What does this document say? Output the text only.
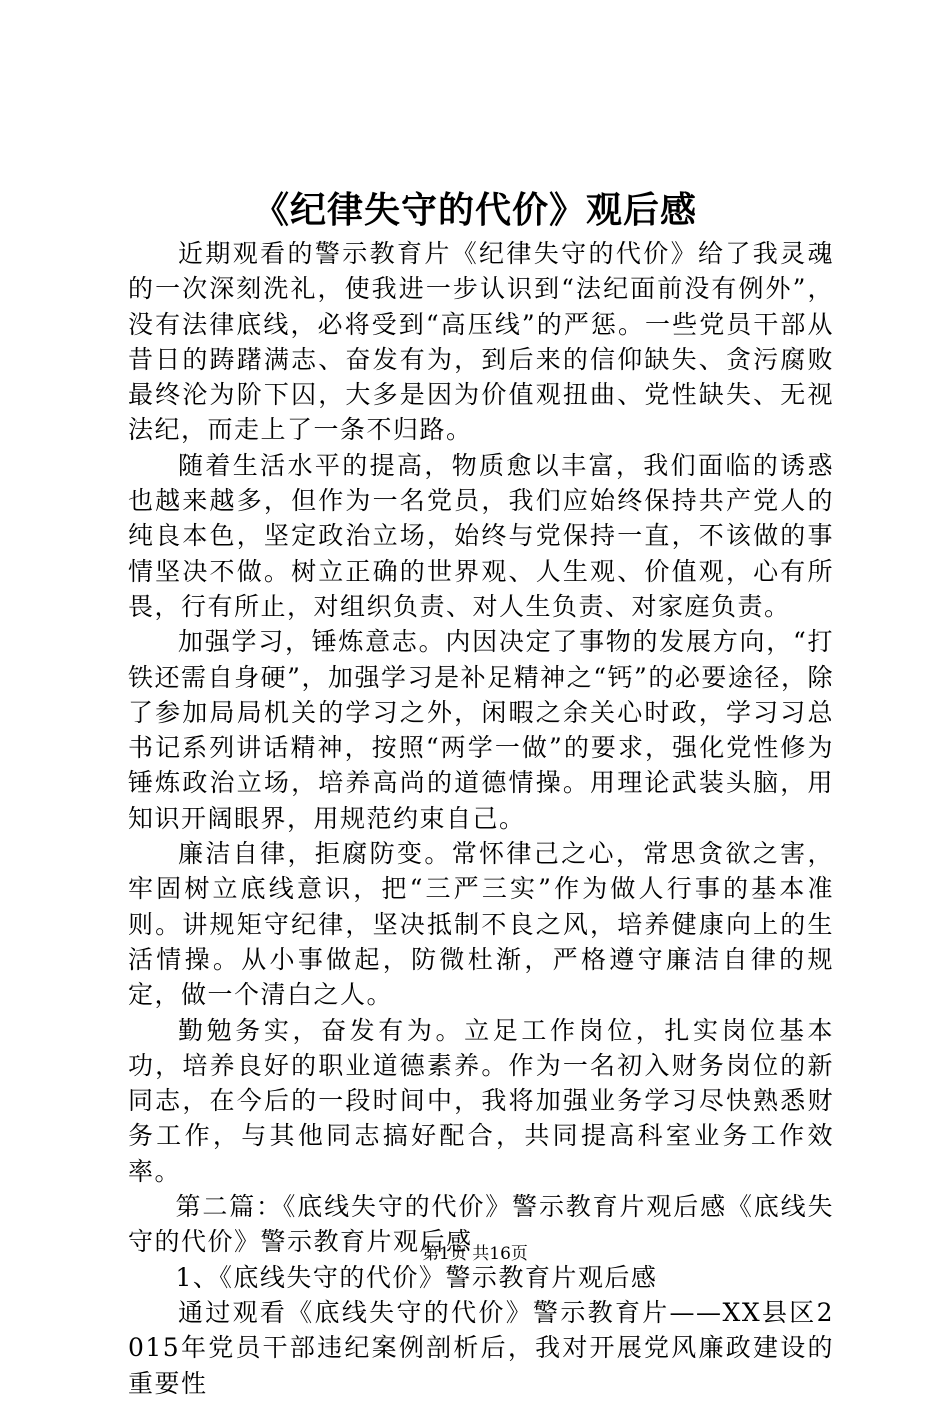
《纪律失守的代价》观后感

近期观看的警示教育片《纪律失守的代价》给了我灵魂的一次深刻洗礼，使我进一步认识到“法纪面前没有例外”，没有法律底线，必将受到“高压线”的严惩。一些党员干部从昔日的踌躇满志、奋发有为，到后来的信仰缺失、贪污腐败最终沦为阶下囚，大多是因为价值观扭曲、党性缺失、无视法纪，而走上了一条不归路。

随着生活水平的提高，物质愈以丰富，我们面临的诱惑也越来越多，但作为一名党员，我们应始终保持共产党人的纯良本色，坚定政治立场，始终与党保持一直，不该做的事情坚决不做。树立正确的世界观、人生观、价值观，心有所畏，行有所止，对组织负责、对人生负责、对家庭负责。

加强学习，锤炼意志。内因决定了事物的发展方向，“打铁还需自身硬”，加强学习是补足精神之“钙”的必要途径，除了参加局局机关的学习之外，闲暇之余关心时政，学习习总书记系列讲话精神，按照“两学一做”的要求，强化党性修为锤炼政治立场，培养高尚的道德情操。用理论武装头脑，用知识开阔眼界，用规范约束自己。

廉洁自律，拒腐防变。常怀律己之心，常思贪欲之害，牢固树立底线意识，把“三严三实”作为做人行事的基本准则。讲规矩守纪律，坚决抵制不良之风，培养健康向上的生活情操。从小事做起，防微杜渐，严格遵守廉洁自律的规定，做一个清白之人。

勤勉务实，奋发有为。立足工作岗位，扎实岗位基本功，培养良好的职业道德素养。作为一名初入财务岗位的新同志，在今后的一段时间中，我将加强业务学习尽快熟悉财务工作，与其他同志搞好配合，共同提高科室业务工作效率。

第二篇：《底线失守的代价》警示教育片观后感《底线失守的代价》警示教育片观后感

1、《底线失守的代价》警示教育片观后感

通过观看《底线失守的代价》警示教育片——XX县区2015年党员干部违纪案例剖析后，我对开展党风廉政建设的重要性

第1页 共16页
